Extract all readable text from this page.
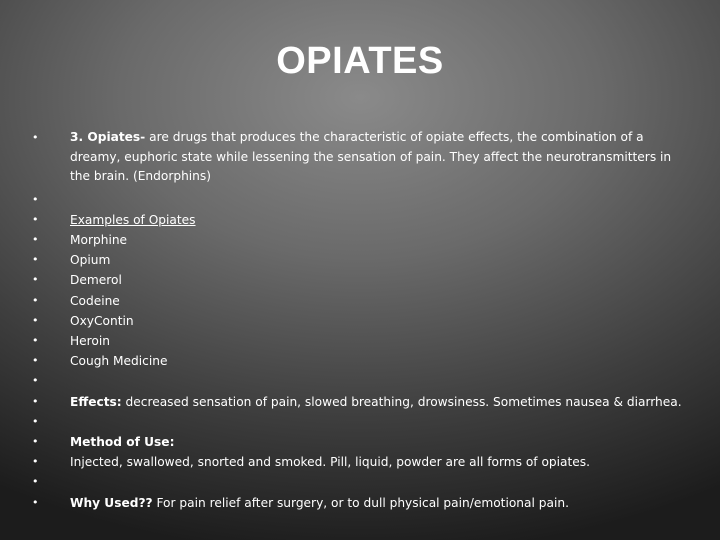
OPIATES
•	3. Opiates- are drugs that produces the characteristic of opiate effects, the combination of a dreamy, euphoric state while lessening the sensation of pain. They affect the neurotransmitters in the brain. (Endorphins)
•

•	Examples of Opiates
•	Morphine
•	Opium
•	Demerol
•	Codeine
•	OxyContin
•	Heroin
•	Cough Medicine
•

•	Effects: decreased sensation of pain, slowed breathing, drowsiness. Sometimes nausea & diarrhea.
•

•	Method of Use:
•	Injected, swallowed, snorted and smoked. Pill, liquid, powder are all forms of opiates.
•

•	Why Used?? For pain relief after surgery, or to dull physical pain/emotional pain.
